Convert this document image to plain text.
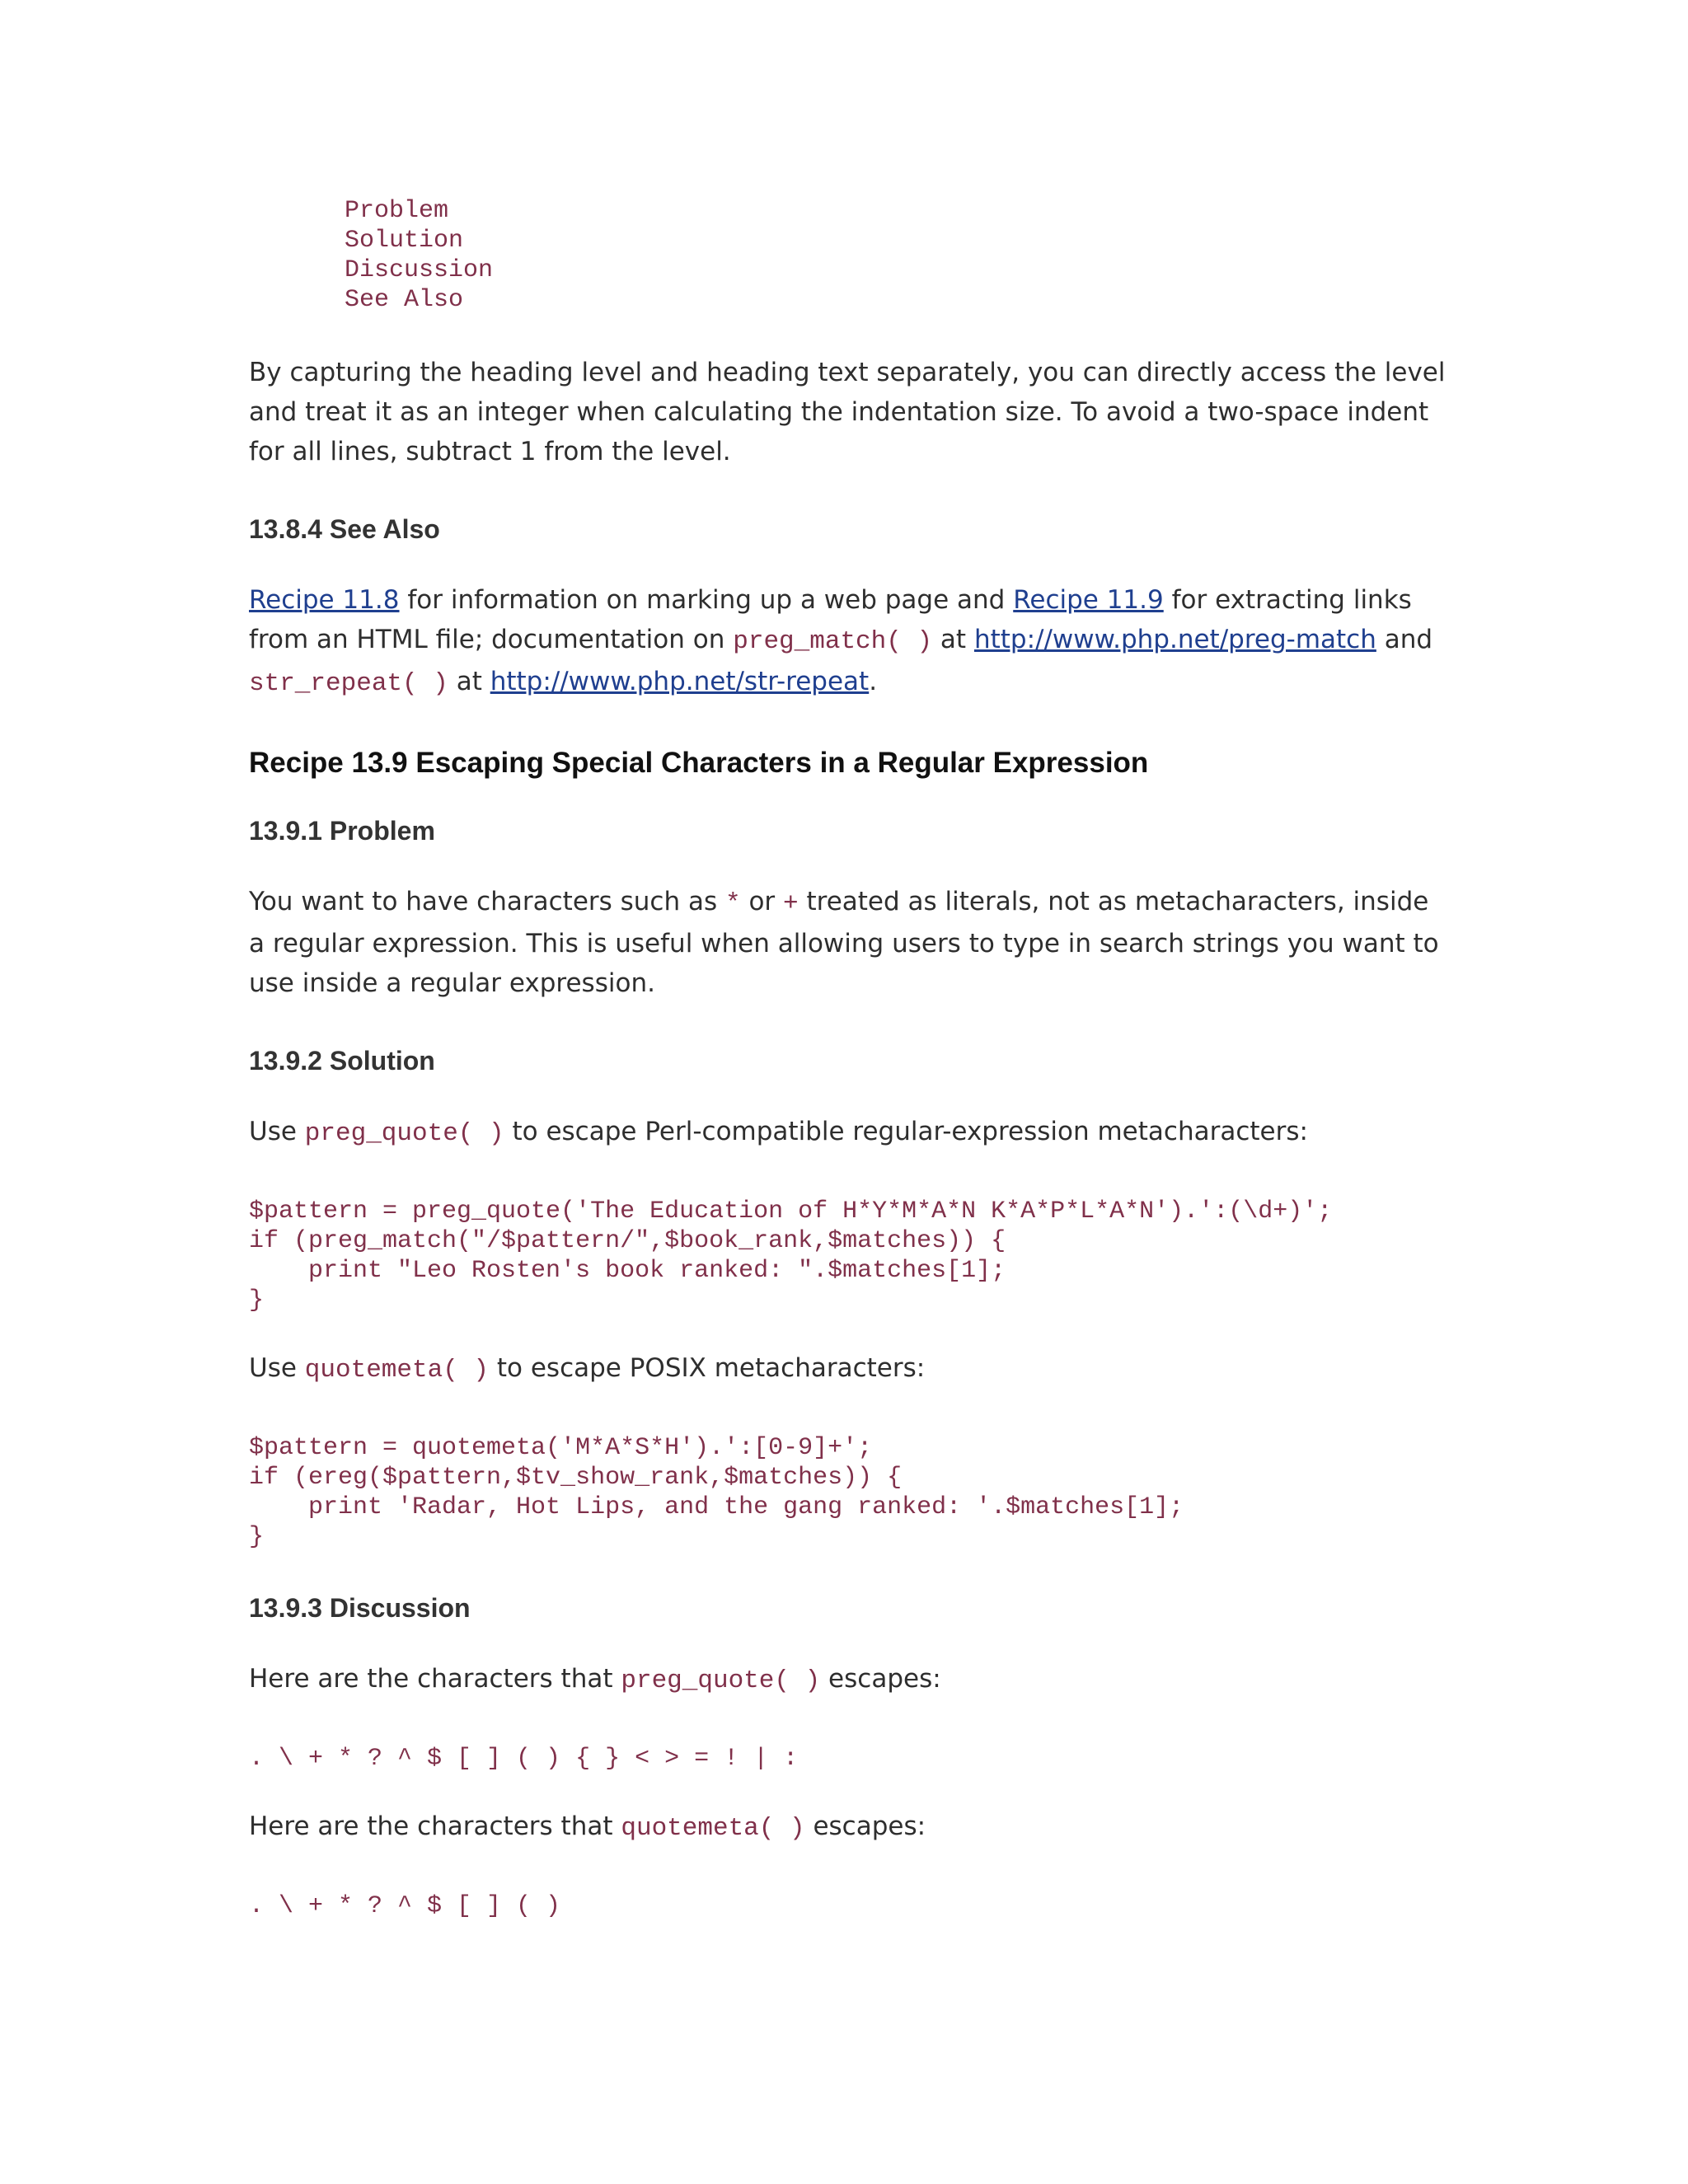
Problem
Solution
Discussion
See Also

By capturing the heading level and heading text separately, you can directly access the level and treat it as an integer when calculating the indentation size. To avoid a two-space indent for all lines, subtract 1 from the level.

13.8.4 See Also

Recipe 11.8 for information on marking up a web page and Recipe 11.9 for extracting links from an HTML file; documentation on preg_match( ) at http://www.php.net/preg-match and str_repeat( ) at http://www.php.net/str-repeat.

Recipe 13.9 Escaping Special Characters in a Regular Expression
13.9.1 Problem

You want to have characters such as * or + treated as literals, not as metacharacters, inside a regular expression. This is useful when allowing users to type in search strings you want to use inside a regular expression.

13.9.2 Solution

Use preg_quote( ) to escape Perl-compatible regular-expression metacharacters:

$pattern = preg_quote('The Education of H*Y*M*A*N K*A*P*L*A*N').':(\d+)';
if (preg_match("/$pattern/",$book_rank,$matches)) {
print "Leo Rosten's book ranked: ".$matches[1];
}

Use quotemeta( ) to escape POSIX metacharacters:

$pattern = quotemeta('M*A*S*H').':[0-9]+';
if (ereg($pattern,$tv_show_rank,$matches)) {
print 'Radar, Hot Lips, and the gang ranked: '.$matches[1];
}
13.9.3 Discussion

Here are the characters that preg_quote( ) escapes:

. \ + * ? ^ $ [ ] ( ) { } < > = ! | :

Here are the characters that quotemeta( ) escapes:

. \ + * ? ^ $ [ ] ( )
